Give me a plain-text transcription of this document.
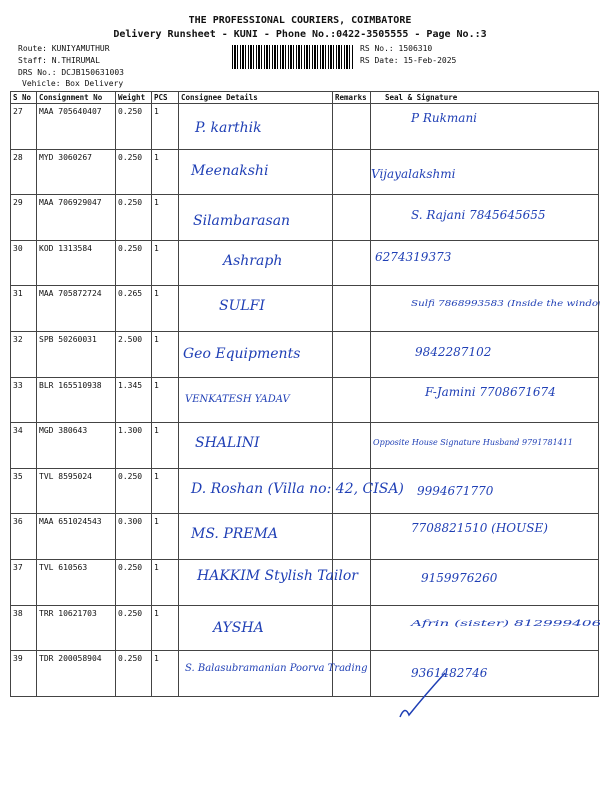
THE PROFESSIONAL COURIERS, COIMBATORE
Delivery Runsheet - KUNI - Phone No.:0422-3505555 - Page No.:3
Route: KUNIYAMUTHUR
Staff: N.THIRUMAL
DRS No.: DCJB150631003
Vehicle: Box Delivery
RS No.: 1506310
RS Date: 15-Feb-2025
S No	Consignment No	Weight	PCS	Consignee Details	Remarks	Seal & Signature
27	MAA 705640407	0.250	1	P. karthik		P Rukmani

28	MYD 3060267	0.250	1	Meenakshi		Vijayalakshmi

29	MAA 706929047	0.250	1	Silambarasan		S. Rajani 7845645655

30	KOD 1313584	0.250	1	Ashraph		6274319373

31	MAA 705872724	0.265	1	SULFI		Sulfi 7868993583 (Inside the window)

32	SPB 50260031	2.500	1	Geo Equipments		9842287102

33	BLR 165510938	1.345	1	VENKATESH YADAV		F-Jamini 7708671674

34	MGD 380643	1.300	1	SHALINI		Opposite House Signature Husband 9791781411

35	TVL 8595024	0.250	1	D. Roshan (Villa no: 42, CISA)		9994671770

36	MAA 651024543	0.300	1	MS. PREMA		7708821510 (HOUSE)

37	TVL 610563	0.250	1	HAKKIM Stylish Tailor		9159976260

38	TRR 10621703	0.250	1	AYSHA		Afrin (sister) 8129994069

39	TDR 200058904	0.250	1	S. Balasubramanian Poorva Trading		9361482746
